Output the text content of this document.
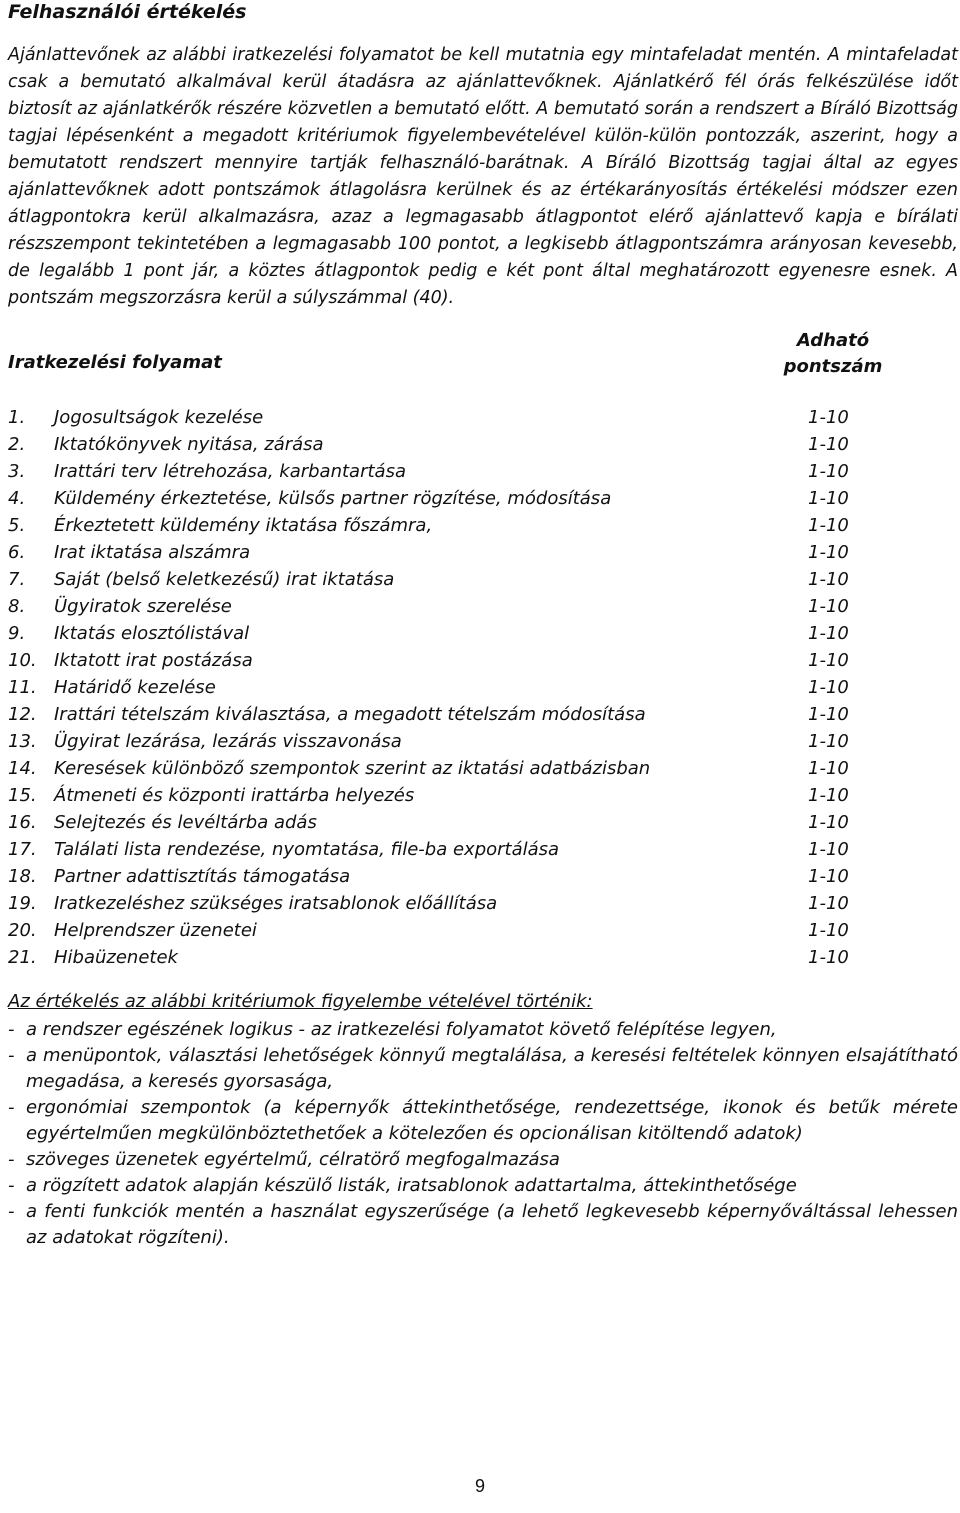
Felhasználói értékelés
Ajánlattevőnek az alábbi iratkezelési folyamatot be kell mutatnia egy mintafeladat mentén. A mintafeladat csak a bemutató alkalmával kerül átadásra az ajánlattevőknek. Ajánlatkérő fél órás felkészülése időt biztosít az ajánlatkérők részére közvetlen a bemutató előtt. A bemutató során a rendszert a Bíráló Bizottság tagjai lépésenként a megadott kritériumok figyelembevételével külön-külön pontozzák, aszerint, hogy a bemutatott rendszert mennyire tartják felhasználó-barátnak. A Bíráló Bizottság tagjai által az egyes ajánlattevőknek adott pontszámok átlagolásra kerülnek és az értékarányosítás értékelési módszer ezen átlagpontokra kerül alkalmazásra, azaz a legmagasabb átlagpontot elérő ajánlattevő kapja e bírálati részszempont tekintetében a legmagasabb 100 pontot, a legkisebb átlagpontszámra arányosan kevesebb, de legalább 1 pont jár, a köztes átlagpontok pedig e két pont által meghatározott egyenesre esnek. A pontszám megszorzásra kerül a súlyszámmal (40).
Iratkezelési folyamat
Adható pontszám
1. Jogosultságok kezelése	1-10
2. Iktatókönyvek nyitása, zárása	1-10
3. Irattári terv létrehozása, karbantartása	1-10
4. Küldemény érkeztetése, külsős partner rögzítése, módosítása	1-10
5. Érkeztetett küldemény iktatása főszámra,	1-10
6. Irat iktatása alszámra	1-10
7. Saját (belső keletkezésű) irat iktatása	1-10
8. Ügyiratok szerelése	1-10
9. Iktatás elosztólistával	1-10
10. Iktatott irat postázása	1-10
11. Határidő kezelése	1-10
12. Irattári tételszám kiválasztása, a megadott tételszám módosítása	1-10
13. Ügyirat lezárása, lezárás visszavonása	1-10
14. Keresések különböző szempontok szerint az iktatási adatbázisban	1-10
15. Átmeneti és központi irattárba helyezés	1-10
16. Selejtezés és levéltárba adás	1-10
17. Találati lista rendezése, nyomtatása, file-ba exportálása	1-10
18. Partner adattisztítás támogatása	1-10
19. Iratkezeléshez szükséges iratsablonok előállítása	1-10
20. Helprendszer üzenetei	1-10
21. Hibaüzenetek	1-10
Az értékelés az alábbi kritériumok figyelembe vételével történik:
- a rendszer egészének logikus - az iratkezelési folyamatot követő felépítése legyen,
- a menüpontok, választási lehetőségek könnyű megtalálása, a keresési feltételek könnyen elsajátítható megadása, a keresés gyorsasága,
- ergonómiai szempontok (a képernyők áttekinthetősége, rendezettsége, ikonok és betűk mérete egyértelműen megkülönböztethetőek a kötelezően és opcionálisan kitöltendő adatok)
- szöveges üzenetek egyértelmű, célratörő megfogalmazása
- a rögzített adatok alapján készülő listák, iratsablonok adattartalma, áttekinthetősége
- a fenti funkciók mentén a használat egyszerűsége (a lehető legkevesebb képernyőváltással lehessen az adatokat rögzíteni).
9
